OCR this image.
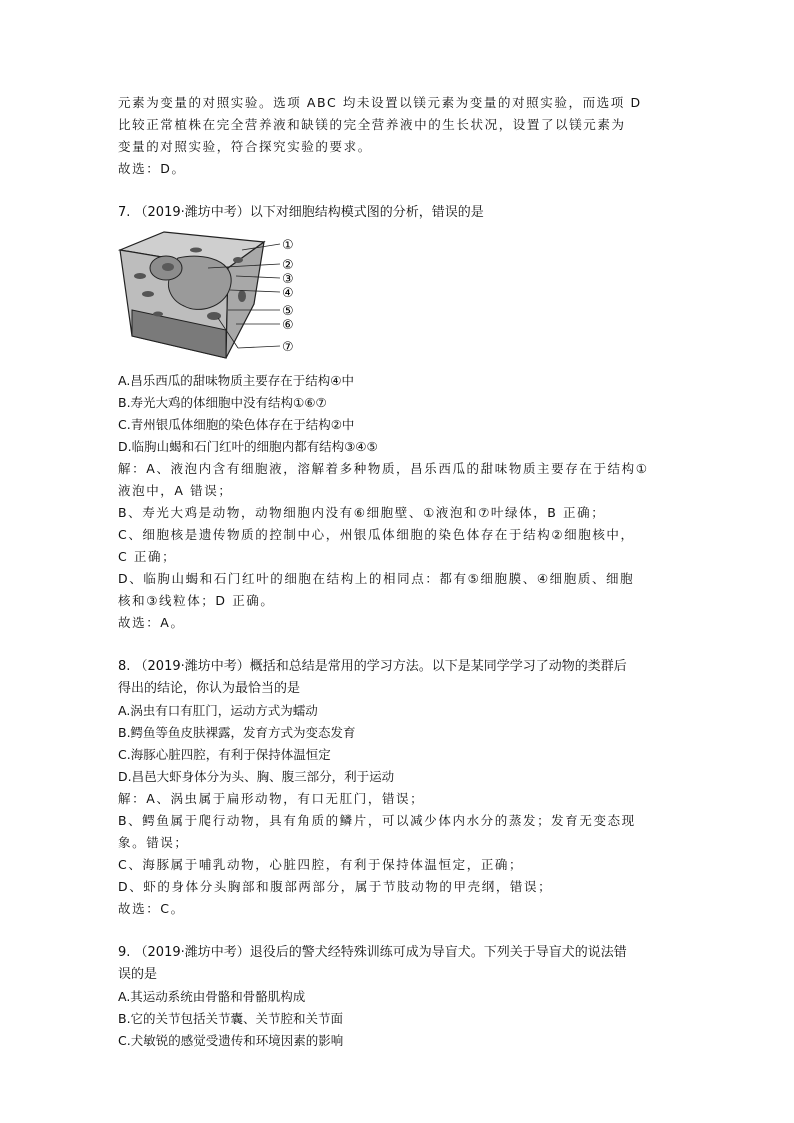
元素为变量的对照实验。选项 ABC 均未设置以镁元素为变量的对照实验，而选项 D
比较正常植株在完全营养液和缺镁的完全营养液中的生长状况，设置了以镁元素为
变量的对照实验，符合探究实验的要求。
故选：D。
7. （2019·潍坊中考）以下对细胞结构模式图的分析，错误的是
①
②
③
④
⑤
⑥
⑦
A.昌乐西瓜的甜味物质主要存在于结构④中
B.寿光大鸡的体细胞中没有结构①⑥⑦
C.青州银瓜体细胞的染色体存在于结构②中
D.临朐山蝎和石门红叶的细胞内都有结构③④⑤
解：A、液泡内含有细胞液，溶解着多种物质，昌乐西瓜的甜味物质主要存在于结构①
液泡中，A 错误；
B、寿光大鸡是动物，动物细胞内没有⑥细胞壁、①液泡和⑦叶绿体，B 正确；
C、细胞核是遗传物质的控制中心，州银瓜体细胞的染色体存在于结构②细胞核中，
C 正确；
D、临朐山蝎和石门红叶的细胞在结构上的相同点：都有⑤细胞膜、④细胞质、细胞
核和③线粒体；D 正确。
故选：A。
8. （2019·潍坊中考）概括和总结是常用的学习方法。以下是某同学学习了动物的类群后
得出的结论，你认为最恰当的是
A.涡虫有口有肛门，运动方式为蠕动
B.鳄鱼等鱼皮肤裸露，发育方式为变态发育
C.海豚心脏四腔，有利于保持体温恒定
D.昌邑大虾身体分为头、胸、腹三部分，利于运动
解：A、涡虫属于扁形动物，有口无肛门，错误；
B、鳄鱼属于爬行动物，具有角质的鳞片，可以减少体内水分的蒸发；发育无变态现
象。错误；
C、海豚属于哺乳动物，心脏四腔，有利于保持体温恒定，正确；
D、虾的身体分头胸部和腹部两部分，属于节肢动物的甲壳纲，错误；
故选：C。
9. （2019·潍坊中考）退役后的警犬经特殊训练可成为导盲犬。下列关于导盲犬的说法错
误的是
A.其运动系统由骨骼和骨骼肌构成
B.它的关节包括关节囊、关节腔和关节面
C.犬敏锐的感觉受遗传和环境因素的影响
